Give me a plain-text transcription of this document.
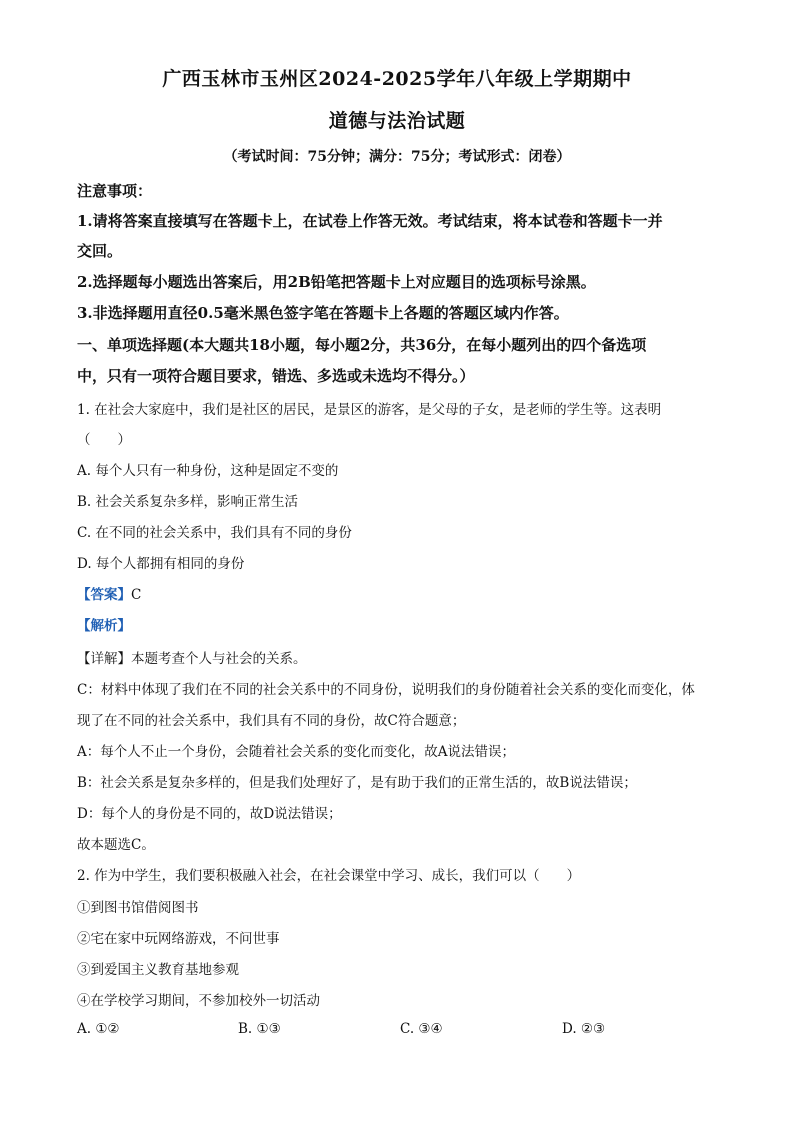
广西玉林市玉州区2024-2025学年八年级上学期期中
道德与法治试题
（考试时间：75分钟；满分：75分；考试形式：闭卷）
注意事项：
1.请将答案直接填写在答题卡上，在试卷上作答无效。考试结束，将本试卷和答题卡一并
交回。
2.选择题每小题选出答案后，用2B铅笔把答题卡上对应题目的选项标号涂黑。
3.非选择题用直径0.5毫米黑色签字笔在答题卡上各题的答题区域内作答。
一、单项选择题(本大题共18小题，每小题2分，共36分，在每小题列出的四个备选项
中，只有一项符合题目要求，错选、多选或未选均不得分。）
1. 在社会大家庭中，我们是社区的居民，是景区的游客，是父母的子女，是老师的学生等。这表明
（　　）
A. 每个人只有一种身份，这种是固定不变的
B. 社会关系复杂多样，影响正常生活
C. 在不同的社会关系中，我们具有不同的身份
D. 每个人都拥有相同的身份
【答案】C
【解析】
【详解】本题考查个人与社会的关系。
C：材料中体现了我们在不同的社会关系中的不同身份，说明我们的身份随着社会关系的变化而变化，体
现了在不同的社会关系中，我们具有不同的身份，故C符合题意；
A：每个人不止一个身份，会随着社会关系的变化而变化，故A说法错误；
B：社会关系是复杂多样的，但是我们处理好了，是有助于我们的正常生活的，故B说法错误；
D：每个人的身份是不同的，故D说法错误；
故本题选C。
2. 作为中学生，我们要积极融入社会，在社会课堂中学习、成长，我们可以（　　）
①到图书馆借阅图书
②宅在家中玩网络游戏，不问世事
③到爱国主义教育基地参观
④在学校学习期间，不参加校外一切活动
A. ①②	B. ①③	C. ③④	D. ②③
